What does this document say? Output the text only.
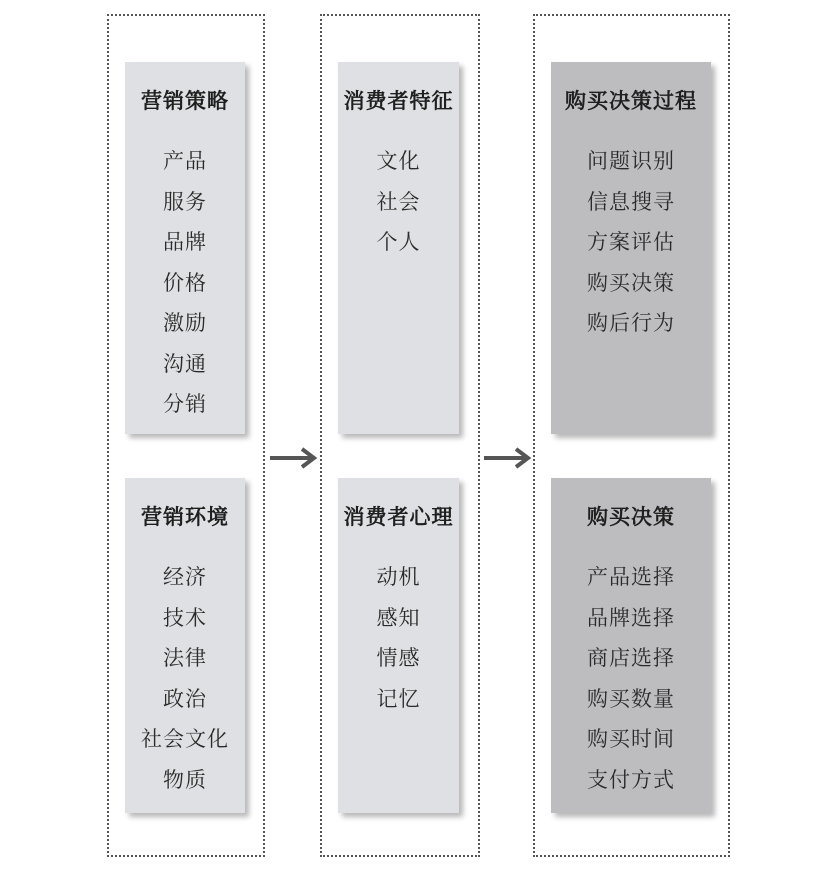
营销策略
产品
服务
品牌
价格
激励
沟通
分销
营销环境
经济
技术
法律
政治
社会文化
物质
消费者特征
文化
社会
个人
消费者心理
动机
感知
情感
记忆
购买决策过程
问题识别
信息搜寻
方案评估
购买决策
购后行为
购买决策
产品选择
品牌选择
商店选择
购买数量
购买时间
支付方式
